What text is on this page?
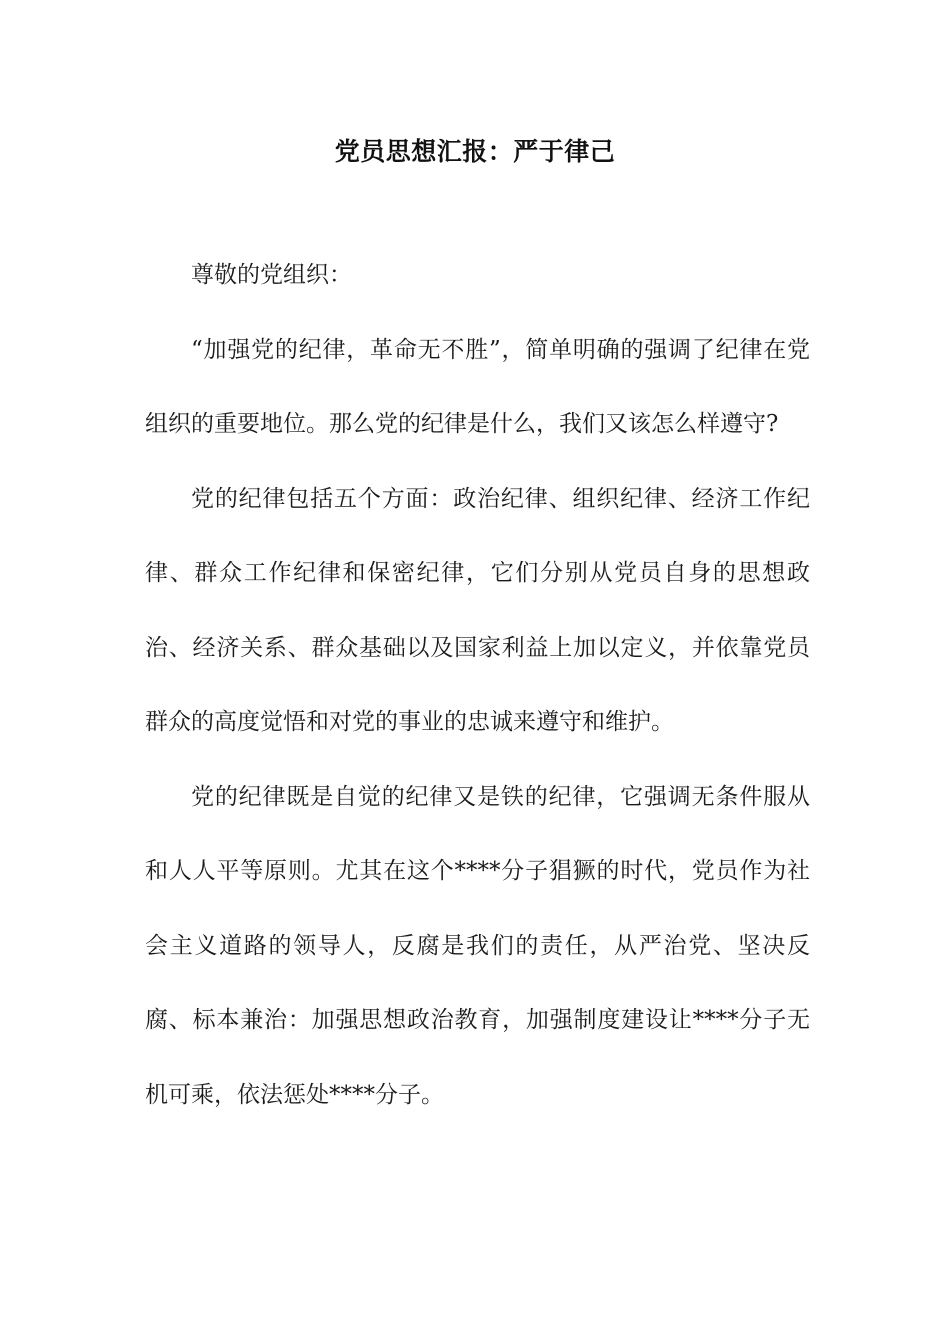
党员思想汇报：严于律己

尊敬的党组织：

“加强党的纪律，革命无不胜”，简单明确的强调了纪律在党组织的重要地位。那么党的纪律是什么，我们又该怎么样遵守?

党的纪律包括五个方面：政治纪律、组织纪律、经济工作纪律、群众工作纪律和保密纪律，它们分别从党员自身的思想政治、经济关系、群众基础以及国家利益上加以定义，并依靠党员群众的高度觉悟和对党的事业的忠诚来遵守和维护。

党的纪律既是自觉的纪律又是铁的纪律，它强调无条件服从和人人平等原则。尤其在这个****分子猖獗的时代，党员作为社会主义道路的领导人，反腐是我们的责任，从严治党、坚决反腐、标本兼治：加强思想政治教育，加强制度建设让****分子无机可乘，依法惩处****分子。
